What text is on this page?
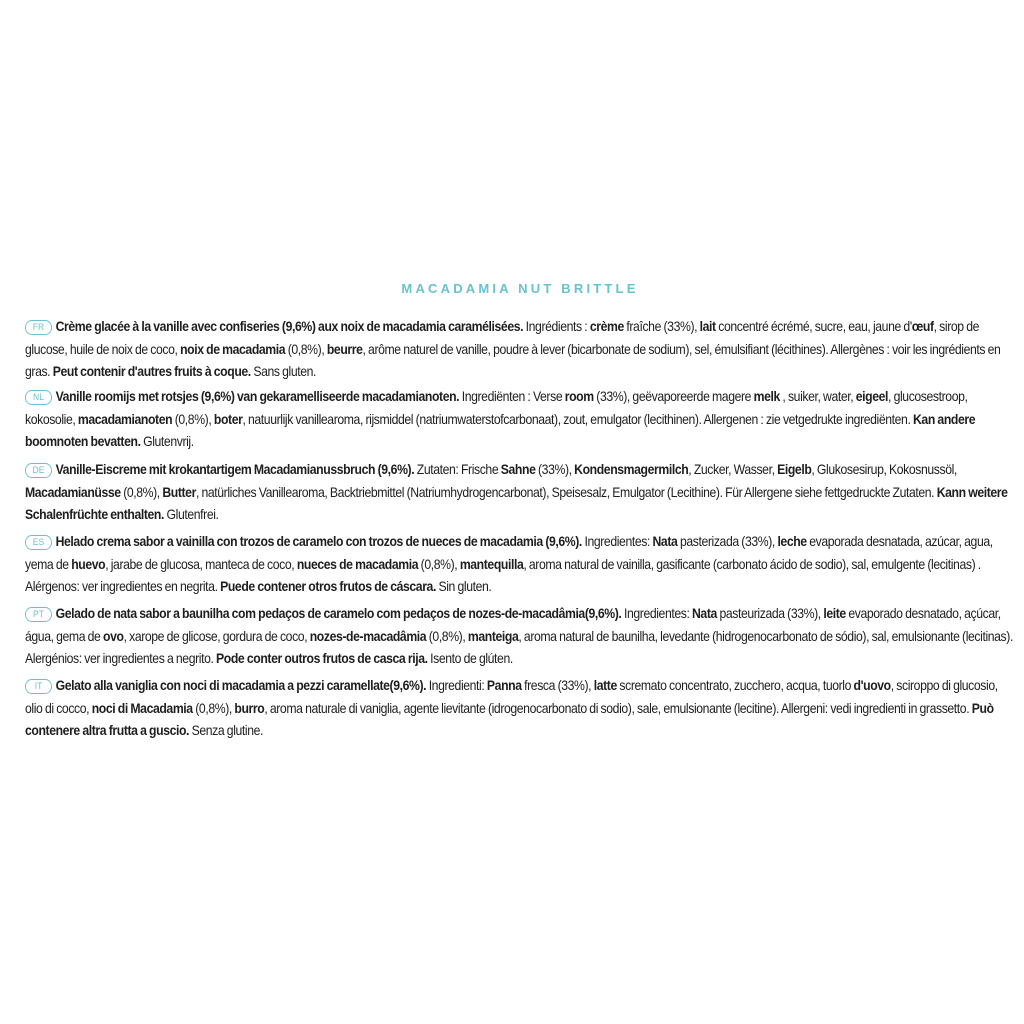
MACADAMIA NUT BRITTLE
FR Crème glacée à la vanille avec confiseries (9,6%) aux noix de macadamia caramélisées. Ingrédients : crème fraîche (33%), lait concentré écrémé, sucre, eau, jaune d'œuf, sirop de glucose, huile de noix de coco, noix de macadamia (0,8%), beurre, arôme naturel de vanille, poudre à lever (bicarbonate de sodium), sel, émulsifiant (lécithines). Allergènes : voir les ingrédients en gras. Peut contenir d'autres fruits à coque. Sans gluten.
NL Vanille roomijs met rotsjes (9,6%) van gekaramelliseerde macadamianoten. Ingrediënten : Verse room (33%), geëvaporeerde magere melk , suiker, water, eigeel, glucosestroop, kokosolie, macadamianoten (0,8%), boter, natuurlijk vanillearoma, rijsmiddel (natriumwaterstofcarbonaat), zout, emulgator (lecithinen). Allergenen : zie vetgedrukte ingrediënten. Kan andere boomnoten bevatten. Glutenvrij.
DE Vanille-Eiscreme mit krokantartigem Macadamianussbruch (9,6%). Zutaten: Frische Sahne (33%), Kondensmagermilch, Zucker, Wasser, Eigelb, Glukosesirup, Kokosnussöl, Macadamianüsse (0,8%), Butter, natürliches Vanillearoma, Backtriebmittel (Natriumhydrogencarbonat), Speisesalz, Emulgator (Lecithine). Für Allergene siehe fettgedruckte Zutaten. Kann weitere Schalenfrüchte enthalten. Glutenfrei.
ES Helado crema sabor a vainilla con trozos de caramelo con trozos de nueces de macadamia (9,6%). Ingredientes: Nata pasterizada (33%), leche evaporada desnatada, azúcar, agua, yema de huevo, jarabe de glucosa, manteca de coco, nueces de macadamia (0,8%), mantequilla, aroma natural de vainilla, gasificante (carbonato ácido de sodio), sal, emulgente (lecitinas) . Alérgenos: ver ingredientes en negrita. Puede contener otros frutos de cáscara. Sin gluten.
PT Gelado de nata sabor a baunilha com pedaços de caramelo com pedaços de nozes-de-macadâmia(9,6%). Ingredientes: Nata pasteurizada (33%), leite evaporado desnatado, açúcar, água, gema de ovo, xarope de glicose, gordura de coco, nozes-de-macadâmia (0,8%), manteiga, aroma natural de baunilha, levedante (hidrogenocarbonato de sódio), sal, emulsionante (lecitinas). Alergénios: ver ingredientes a negrito. Pode conter outros frutos de casca rija. Isento de glúten.
IT Gelato alla vaniglia con noci di macadamia a pezzi caramellate(9,6%). Ingredienti: Panna fresca (33%), latte scremato concentrato, zucchero, acqua, tuorlo d'uovo, sciroppo di glucosio, olio di cocco, noci di Macadamia (0,8%), burro, aroma naturale di vaniglia, agente lievitante (idrogenocarbonato di sodio), sale, emulsionante (lecitine). Allergeni: vedi ingredienti in grassetto. Può contenere altra frutta a guscio. Senza glutine.
